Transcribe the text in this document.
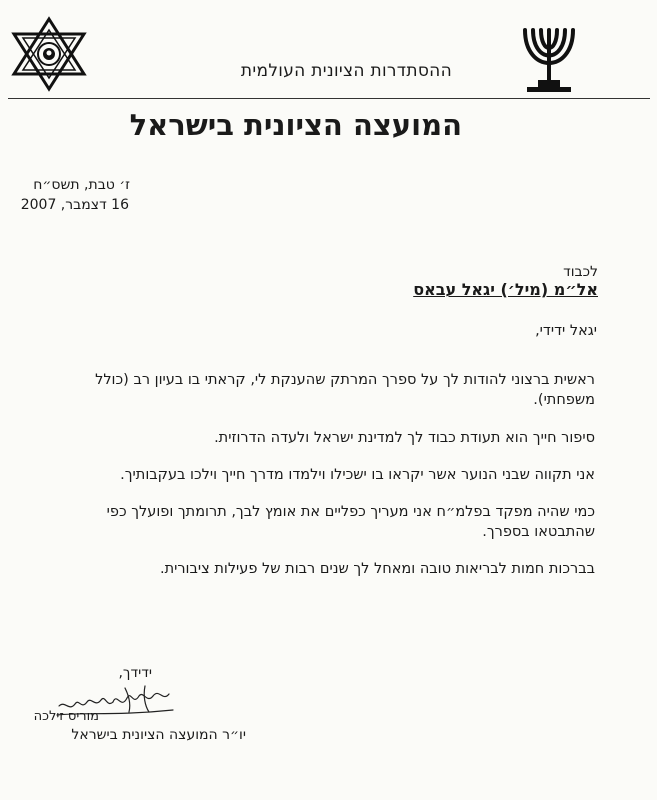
ההסתדרות הציונית העולמית
המועצה הציונית בישראל
ז׳ טבת, תשס״ח
16 דצמבר, 2007
לכבוד
אל״מ (מיל׳) יגאל עבאס
יגאל ידידי,
ראשית ברצוני להודות לך על ספרך המרתק שהענקת לי, קראתי בו בעיון רב (כולל משפחתי).
סיפור חייך הוא תעודת כבוד לך למדינת ישראל ולעדה הדרוזית.
אני תקווה שבני הנוער אשר יקראו בו ישכילו וילמדו מדרך חייך וילכו בעקבותיך.
כמי שהיה מפקד בפלמ״ח אני מעריך כפליים את אומץ לבך, תרומתך ופועלך כפי שהתבטאו בספרך.
בברכות חמות לבריאות טובה ומאחל לך שנים רבות של פעילות ציבורית.
ידידך,
מוריס זילכה
יו״ר המועצה הציונית בישראל
